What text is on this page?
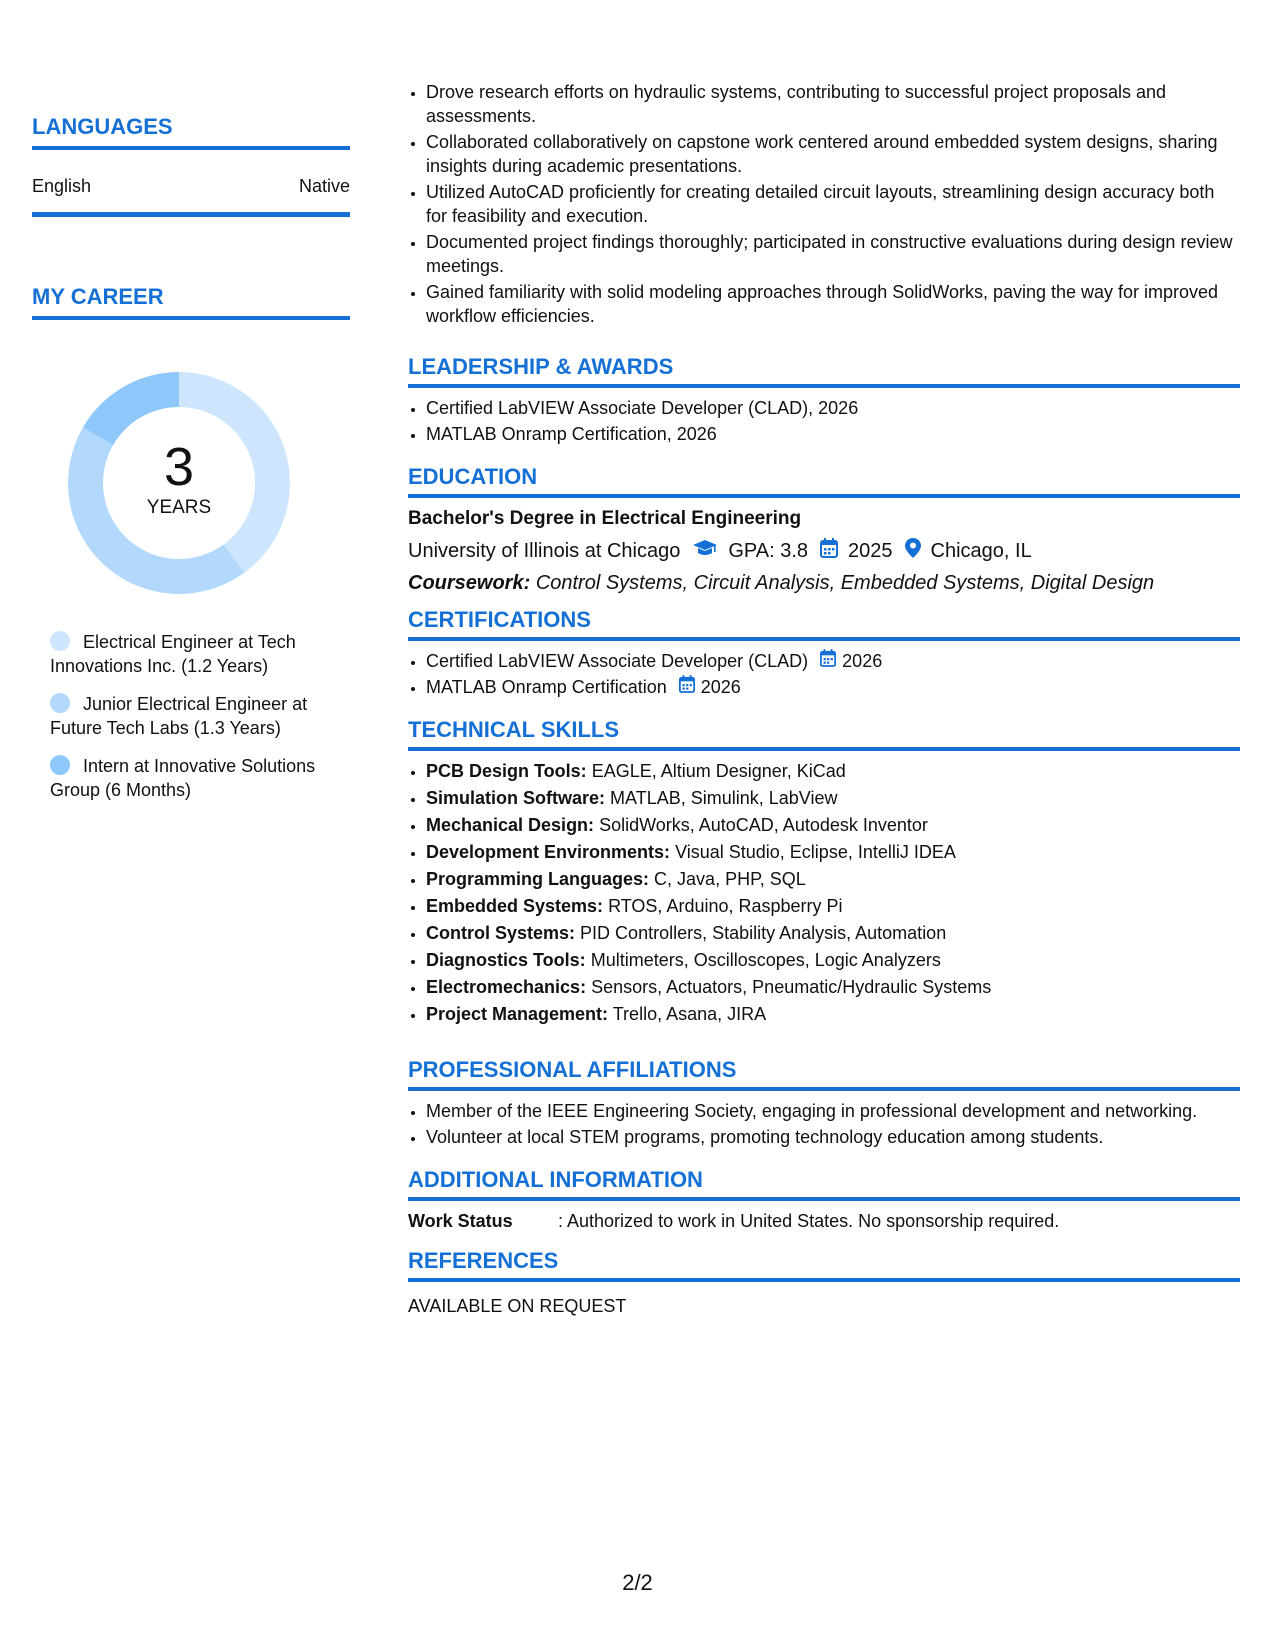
LANGUAGES
English	Native
MY CAREER
3
YEARS
Electrical Engineer at Tech Innovations Inc. (1.2 Years)
Junior Electrical Engineer at Future Tech Labs (1.3 Years)
Intern at Innovative Solutions Group (6 Months)
• Drove research efforts on hydraulic systems, contributing to successful project proposals and assessments.
• Collaborated collaboratively on capstone work centered around embedded system designs, sharing insights during academic presentations.
• Utilized AutoCAD proficiently for creating detailed circuit layouts, streamlining design accuracy both for feasibility and execution.
• Documented project findings thoroughly; participated in constructive evaluations during design review meetings.
• Gained familiarity with solid modeling approaches through SolidWorks, paving the way for improved workflow efficiencies.
LEADERSHIP & AWARDS
• Certified LabVIEW Associate Developer (CLAD), 2026
• MATLAB Onramp Certification, 2026
EDUCATION
Bachelor's Degree in Electrical Engineering
University of Illinois at Chicago GPA: 3.8 2025 Chicago, IL
Coursework: Control Systems, Circuit Analysis, Embedded Systems, Digital Design
CERTIFICATIONS
• Certified LabVIEW Associate Developer (CLAD) 2026
• MATLAB Onramp Certification 2026
TECHNICAL SKILLS
• PCB Design Tools: EAGLE, Altium Designer, KiCad
• Simulation Software: MATLAB, Simulink, LabView
• Mechanical Design: SolidWorks, AutoCAD, Autodesk Inventor
• Development Environments: Visual Studio, Eclipse, IntelliJ IDEA
• Programming Languages: C, Java, PHP, SQL
• Embedded Systems: RTOS, Arduino, Raspberry Pi
• Control Systems: PID Controllers, Stability Analysis, Automation
• Diagnostics Tools: Multimeters, Oscilloscopes, Logic Analyzers
• Electromechanics: Sensors, Actuators, Pneumatic/Hydraulic Systems
• Project Management: Trello, Asana, JIRA
PROFESSIONAL AFFILIATIONS
• Member of the IEEE Engineering Society, engaging in professional development and networking.
• Volunteer at local STEM programs, promoting technology education among students.
ADDITIONAL INFORMATION
Work Status	: Authorized to work in United States. No sponsorship required.
REFERENCES
AVAILABLE ON REQUEST
2/2
